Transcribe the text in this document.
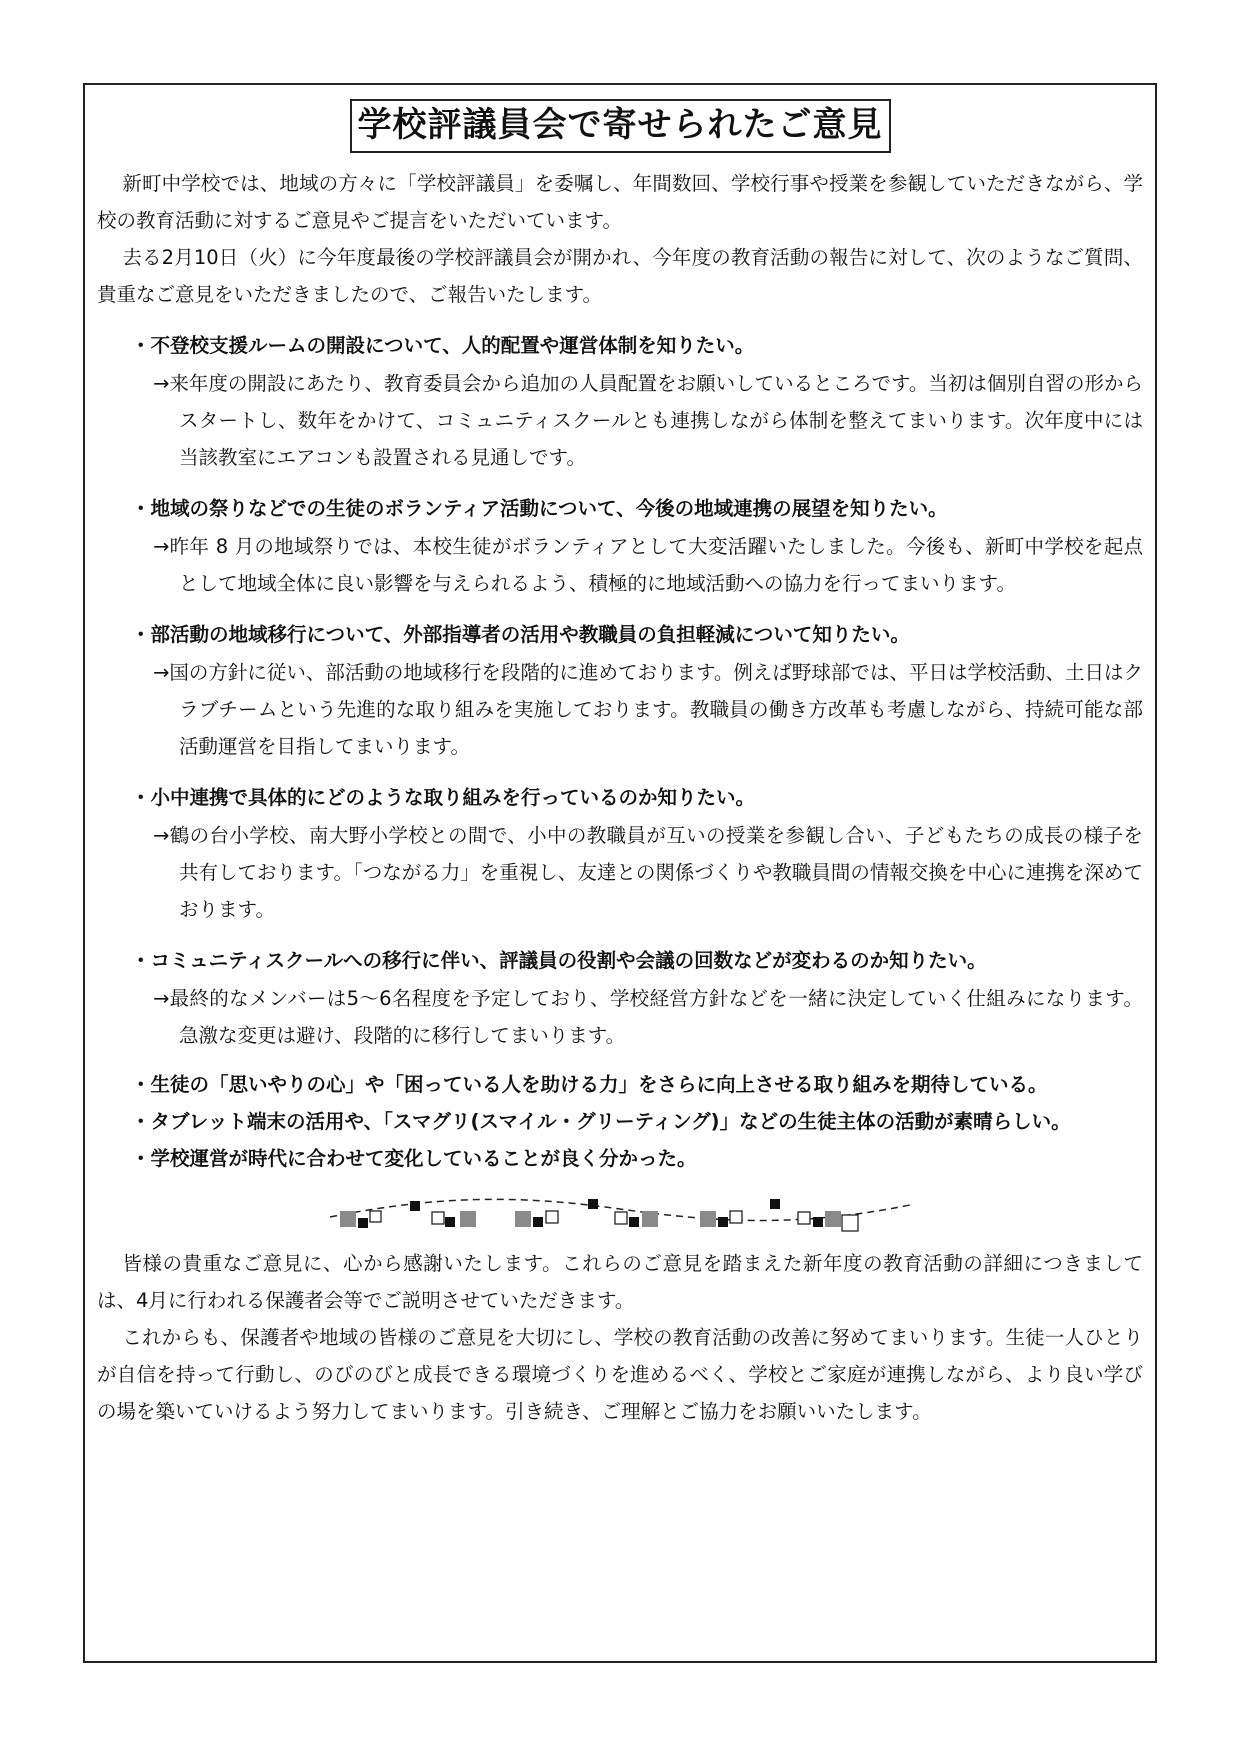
学校評議員会で寄せられたご意見

新町中学校では、地域の方々に「学校評議員」を委嘱し、年間数回、学校行事や授業を参観していただきながら、学校の教育活動に対するご意見やご提言をいただいています。

去る2月10日（火）に今年度最後の学校評議員会が開かれ、今年度の教育活動の報告に対して、次のようなご質問、貴重なご意見をいただきましたので、ご報告いたします。

・不登校支援ルームの開設について、人的配置や運営体制を知りたい。

→来年度の開設にあたり、教育委員会から追加の人員配置をお願いしているところです。当初は個別自習の形からスタートし、数年をかけて、コミュニティスクールとも連携しながら体制を整えてまいります。次年度中には当該教室にエアコンも設置される見通しです。

・地域の祭りなどでの生徒のボランティア活動について、今後の地域連携の展望を知りたい。

→昨年 8 月の地域祭りでは、本校生徒がボランティアとして大変活躍いたしました。今後も、新町中学校を起点として地域全体に良い影響を与えられるよう、積極的に地域活動への協力を行ってまいります。

・部活動の地域移行について、外部指導者の活用や教職員の負担軽減について知りたい。

→国の方針に従い、部活動の地域移行を段階的に進めております。例えば野球部では、平日は学校活動、土日はクラブチームという先進的な取り組みを実施しております。教職員の働き方改革も考慮しながら、持続可能な部活動運営を目指してまいります。

・小中連携で具体的にどのような取り組みを行っているのか知りたい。

→鶴の台小学校、南大野小学校との間で、小中の教職員が互いの授業を参観し合い、子どもたちの成長の様子を共有しております。「つながる力」を重視し、友達との関係づくりや教職員間の情報交換を中心に連携を深めております。

・コミュニティスクールへの移行に伴い、評議員の役割や会議の回数などが変わるのか知りたい。

→最終的なメンバーは5～6名程度を予定しており、学校経営方針などを一緒に決定していく仕組みになります。急激な変更は避け、段階的に移行してまいります。

・生徒の「思いやりの心」や「困っている人を助ける力」をさらに向上させる取り組みを期待している。

・タブレット端末の活用や、「スマグリ(スマイル・グリーティング)」などの生徒主体の活動が素晴らしい。

・学校運営が時代に合わせて変化していることが良く分かった。

皆様の貴重なご意見に、心から感謝いたします。これらのご意見を踏まえた新年度の教育活動の詳細につきましては、4月に行われる保護者会等でご説明させていただきます。

これからも、保護者や地域の皆様のご意見を大切にし、学校の教育活動の改善に努めてまいります。生徒一人ひとりが自信を持って行動し、のびのびと成長できる環境づくりを進めるべく、学校とご家庭が連携しながら、より良い学びの場を築いていけるよう努力してまいります。引き続き、ご理解とご協力をお願いいたします。
